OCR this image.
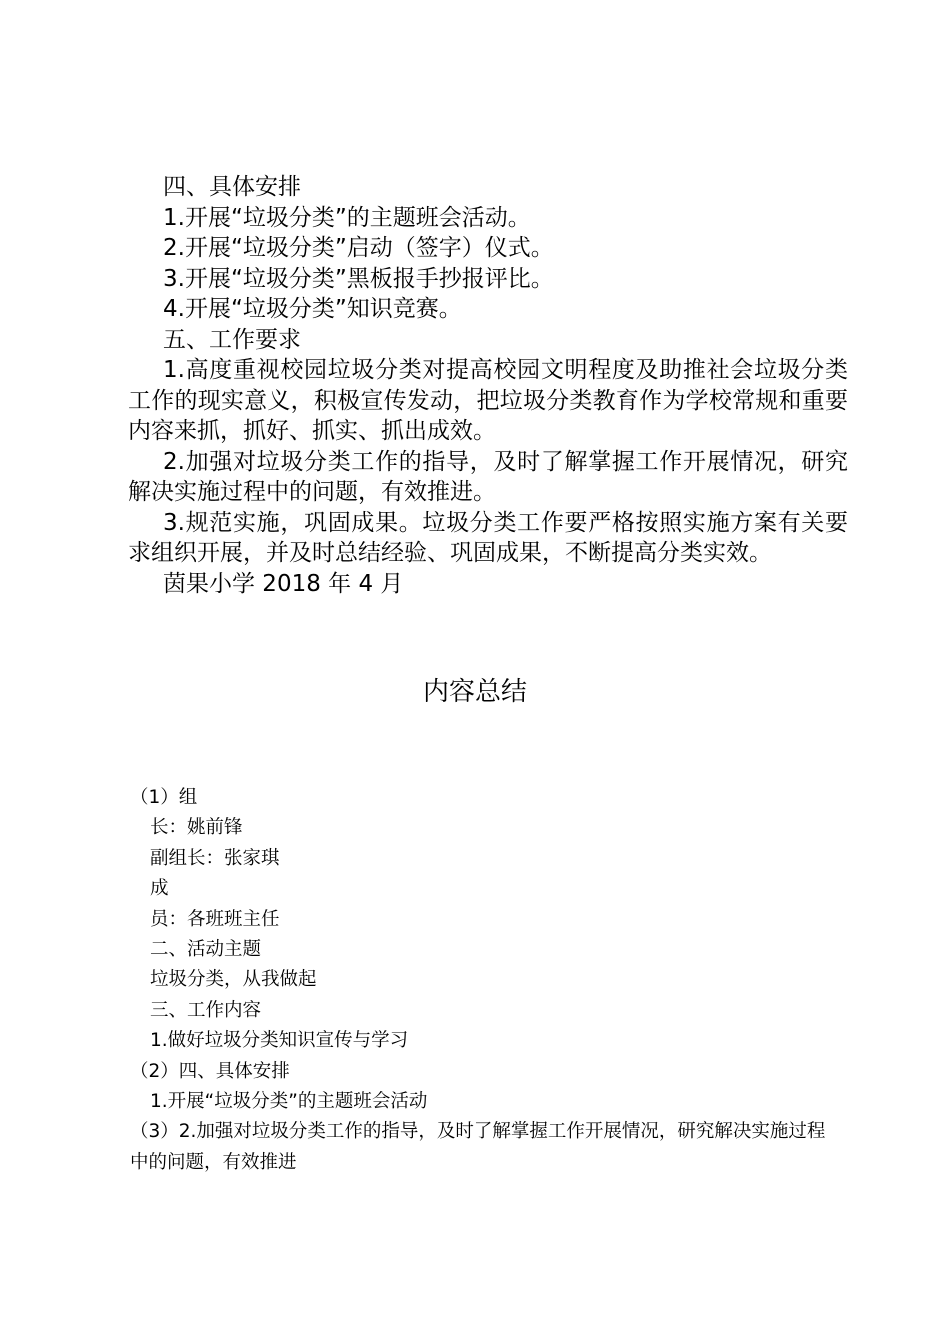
四、具体安排

1.开展“垃圾分类”的主题班会活动。

2.开展“垃圾分类”启动（签字）仪式。

3.开展“垃圾分类”黑板报手抄报评比。

4.开展“垃圾分类”知识竞赛。

五、工作要求

1.高度重视校园垃圾分类对提高校园文明程度及助推社会垃圾分类工作的现实意义，积极宣传发动，把垃圾分类教育作为学校常规和重要内容来抓，抓好、抓实、抓出成效。

2.加强对垃圾分类工作的指导，及时了解掌握工作开展情况，研究解决实施过程中的问题，有效推进。

3.规范实施，巩固成果。垃圾分类工作要严格按照实施方案有关要求组织开展，并及时总结经验、巩固成果，不断提高分类实效。

茵果小学 2018 年 4 月

内容总结

（1）组

长：姚前锋

副组长：张家琪

成

员：各班班主任

二、活动主题

垃圾分类，从我做起

三、工作内容

1.做好垃圾分类知识宣传与学习

（2）四、具体安排

1.开展“垃圾分类”的主题班会活动

（3）2.加强对垃圾分类工作的指导，及时了解掌握工作开展情况，研究解决实施过程中的问题，有效推进
